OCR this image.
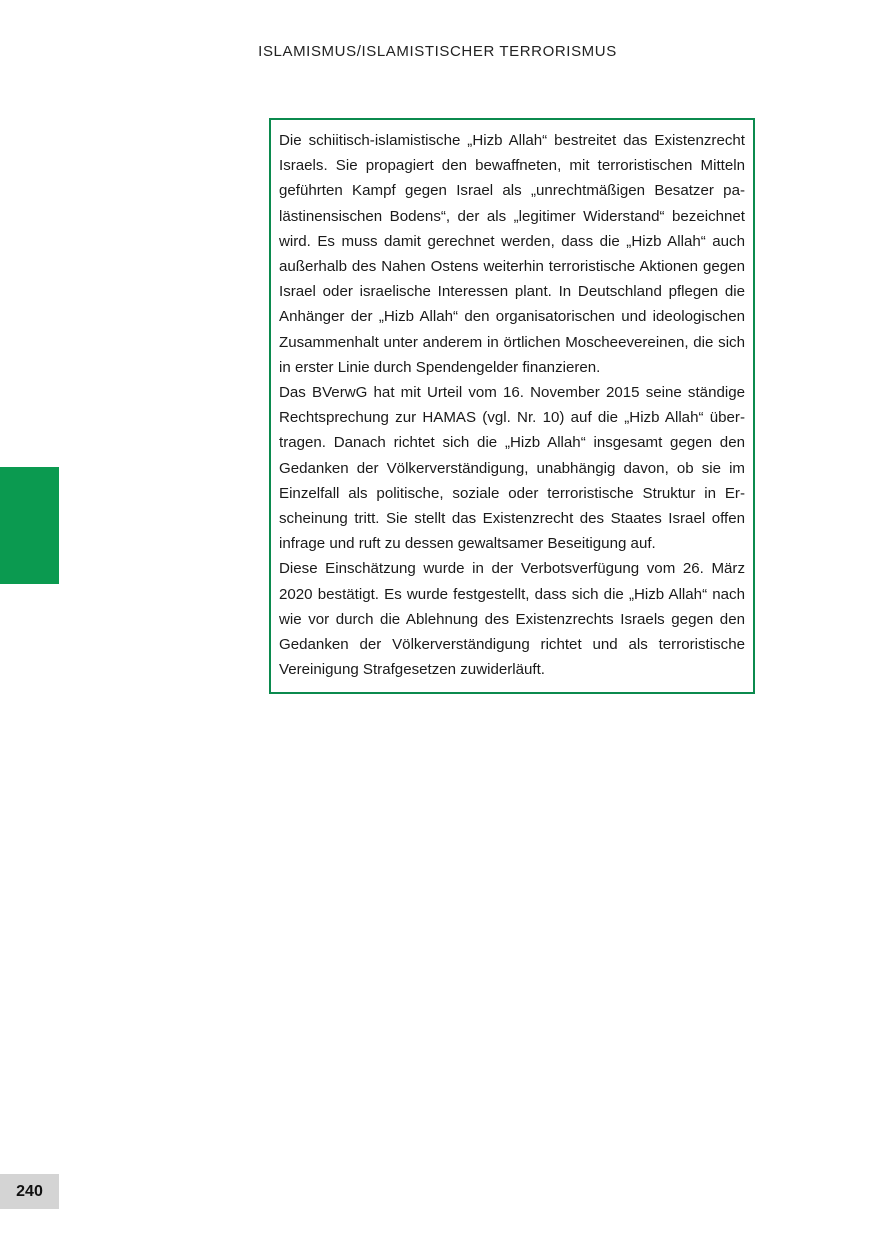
ISLAMISMUS/ISLAMISTISCHER TERRORISMUS

Die schiitisch-islamistische „Hizb Allah“ bestreitet das Existenzrecht Israels. Sie propagiert den bewaffneten, mit terroristischen Mitteln geführten Kampf gegen Israel als „unrechtmäßigen Besatzer palästinensischen Bodens“, der als „legitimer Widerstand“ bezeichnet wird. Es muss damit gerechnet werden, dass die „Hizb Allah“ auch außerhalb des Nahen Ostens weiterhin terroristische Aktionen gegen Israel oder israelische Interessen plant. In Deutschland pflegen die Anhänger der „Hizb Allah“ den organisatorischen und ideologischen Zusammenhalt unter anderem in örtlichen Moscheevereinen, die sich in erster Linie durch Spendengelder finanzieren.

Das BVerwG hat mit Urteil vom 16. November 2015 seine ständige Rechtsprechung zur HAMAS (vgl. Nr. 10) auf die „Hizb Allah“ übertragen. Danach richtet sich die „Hizb Allah“ insgesamt gegen den Gedanken der Völkerverständigung, unabhängig davon, ob sie im Einzelfall als politische, soziale oder terroristische Struktur in Erscheinung tritt. Sie stellt das Existenzrecht des Staates Israel offen infrage und ruft zu dessen gewaltsamer Beseitigung auf.

Diese Einschätzung wurde in der Verbotsverfügung vom 26. März 2020 bestätigt. Es wurde festgestellt, dass sich die „Hizb Allah“ nach wie vor durch die Ablehnung des Existenzrechts Israels gegen den Gedanken der Völkerverständigung richtet und als terroristische Vereinigung Strafgesetzen zuwiderläuft.

240
